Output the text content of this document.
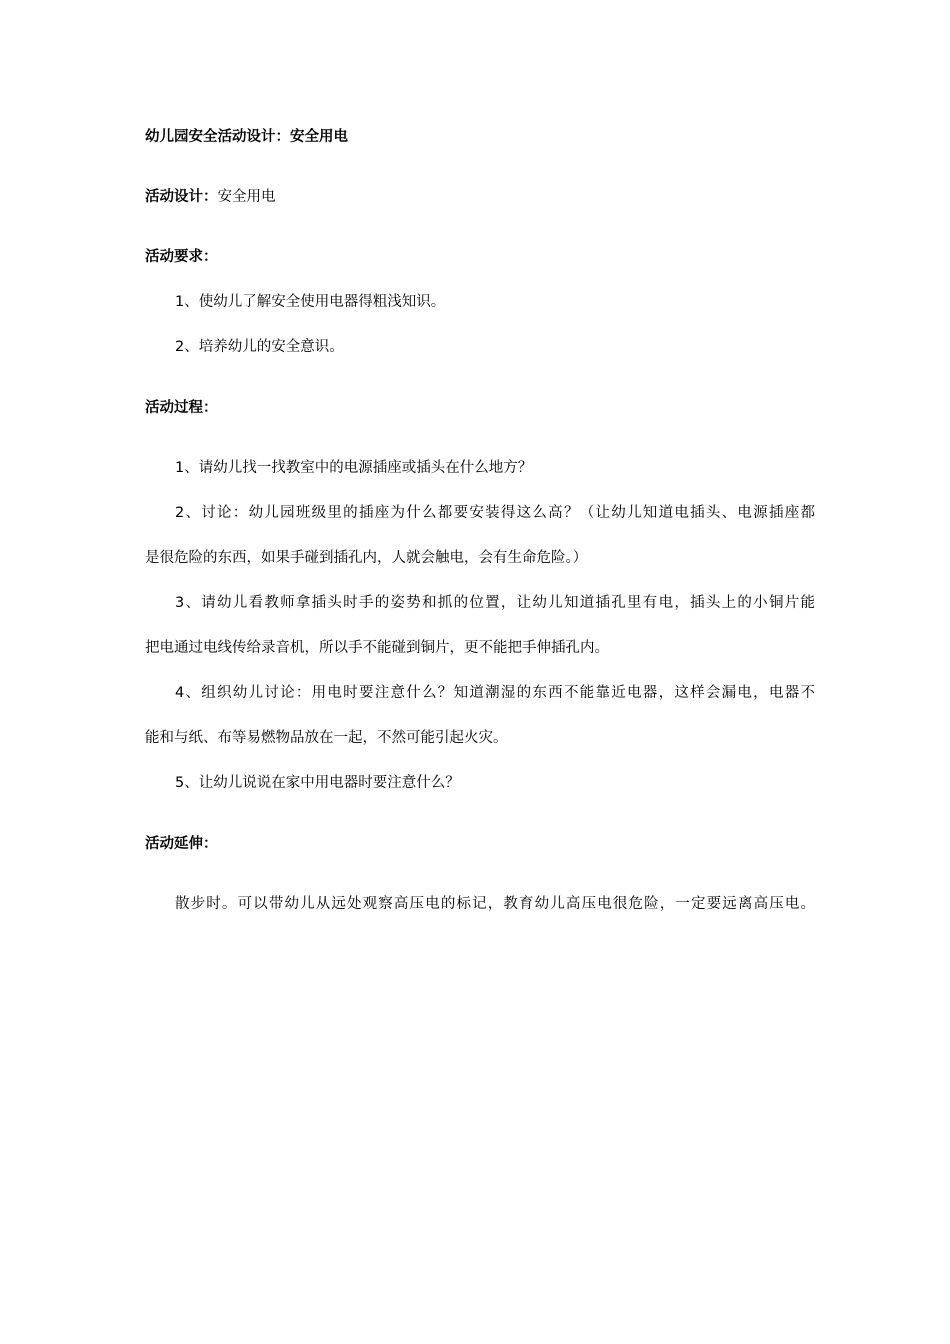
幼儿园安全活动设计：安全用电
活动设计：安全用电
活动要求：
1、使幼儿了解安全使用电器得粗浅知识。
2、培养幼儿的安全意识。
活动过程：
1、请幼儿找一找教室中的电源插座或插头在什么地方？
2、讨论：幼儿园班级里的插座为什么都要安装得这么高？（让幼儿知道电插头、电源插座都
是很危险的东西，如果手碰到插孔内，人就会触电，会有生命危险。）
3、请幼儿看教师拿插头时手的姿势和抓的位置，让幼儿知道插孔里有电，插头上的小铜片能
把电通过电线传给录音机，所以手不能碰到铜片，更不能把手伸插孔内。
4、组织幼儿讨论：用电时要注意什么？知道潮湿的东西不能靠近电器，这样会漏电，电器不
能和与纸、布等易燃物品放在一起，不然可能引起火灾。
5、让幼儿说说在家中用电器时要注意什么？
活动延伸：
散步时。可以带幼儿从远处观察高压电的标记，教育幼儿高压电很危险，一定要远离高压电。
